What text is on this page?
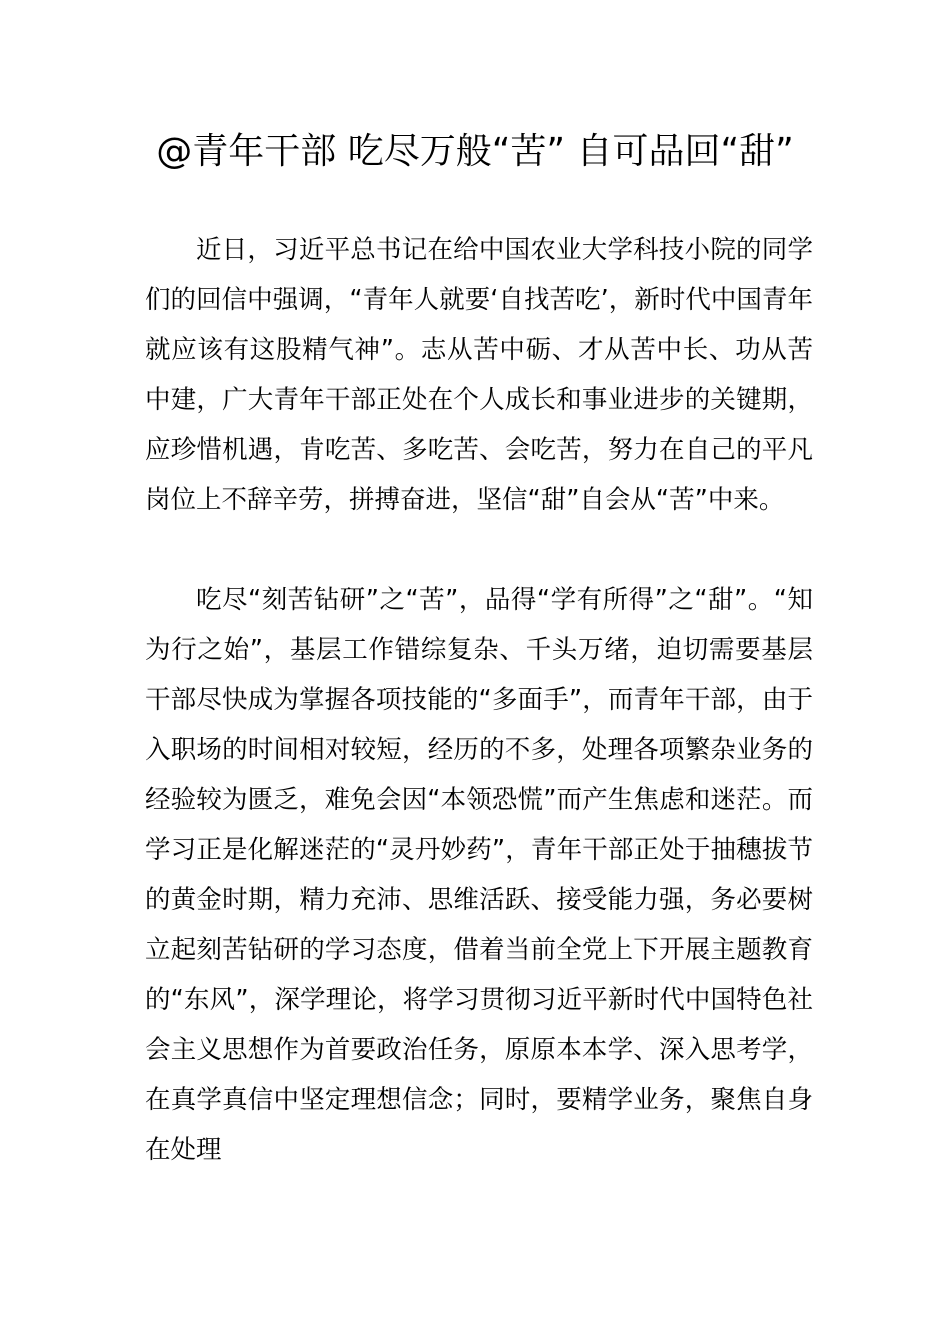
@青年干部 吃尽万般“苦” 自可品回“甜”

近日，习近平总书记在给中国农业大学科技小院的同学们的回信中强调，“青年人就要‘自找苦吃’，新时代中国青年就应该有这股精气神”。志从苦中砺、才从苦中长、功从苦中建，广大青年干部正处在个人成长和事业进步的关键期，应珍惜机遇，肯吃苦、多吃苦、会吃苦，努力在自己的平凡岗位上不辞辛劳，拼搏奋进，坚信“甜”自会从“苦”中来。

吃尽“刻苦钻研”之“苦”，品得“学有所得”之“甜”。“知为行之始”，基层工作错综复杂、千头万绪，迫切需要基层干部尽快成为掌握各项技能的“多面手”，而青年干部，由于入职场的时间相对较短，经历的不多，处理各项繁杂业务的经验较为匮乏，难免会因“本领恐慌”而产生焦虑和迷茫。而学习正是化解迷茫的“灵丹妙药”，青年干部正处于抽穗拔节的黄金时期，精力充沛、思维活跃、接受能力强，务必要树立起刻苦钻研的学习态度，借着当前全党上下开展主题教育的“东风”，深学理论，将学习贯彻习近平新时代中国特色社会主义思想作为首要政治任务，原原本本学、深入思考学，在真学真信中坚定理想信念；同时，要精学业务，聚焦自身在处理
